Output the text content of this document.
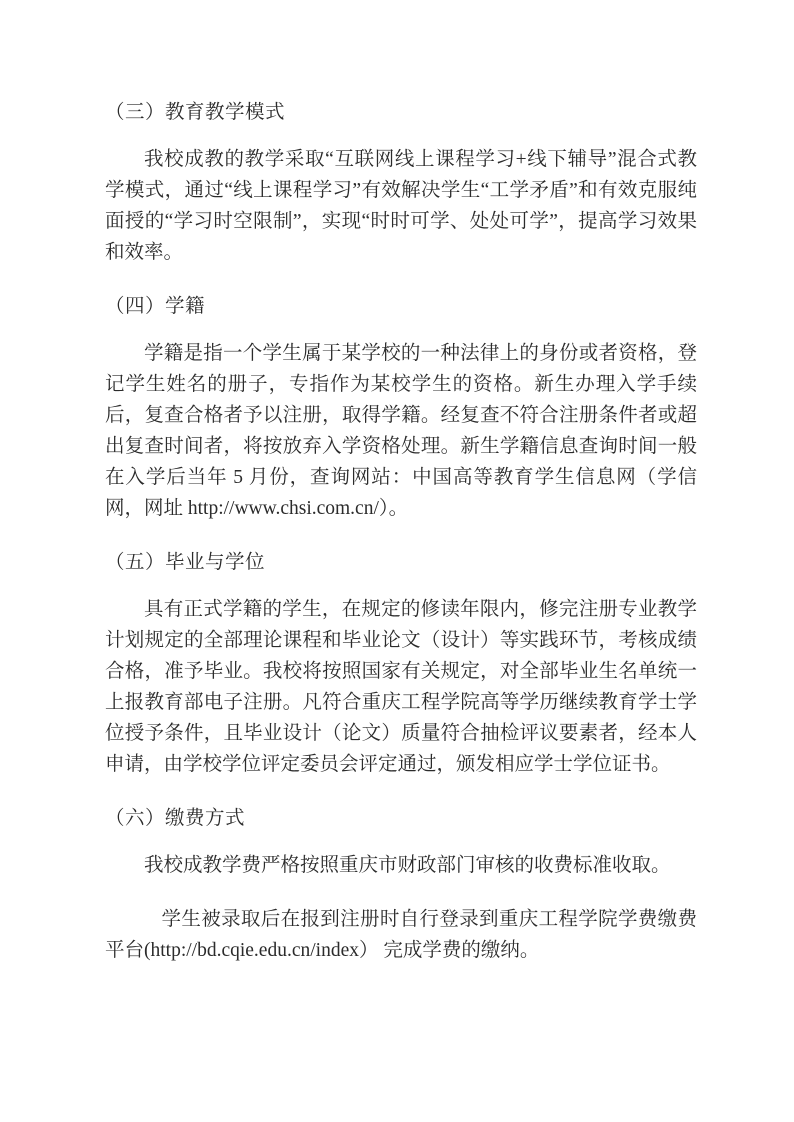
（三）教育教学模式

我校成教的教学采取“互联网线上课程学习+线下辅导”混合式教学模式，通过“线上课程学习”有效解决学生“工学矛盾”和有效克服纯面授的“学习时空限制”，实现“时时可学、处处可学”，提高学习效果和效率。

（四）学籍

学籍是指一个学生属于某学校的一种法律上的身份或者资格，登记学生姓名的册子，专指作为某校学生的资格。新生办理入学手续后，复查合格者予以注册，取得学籍。经复查不符合注册条件者或超出复查时间者，将按放弃入学资格处理。新生学籍信息查询时间一般在入学后当年 5 月份，查询网站：中国高等教育学生信息网（学信网，网址 http://www.chsi.com.cn/）。

（五）毕业与学位

具有正式学籍的学生，在规定的修读年限内，修完注册专业教学计划规定的全部理论课程和毕业论文（设计）等实践环节，考核成绩合格，准予毕业。我校将按照国家有关规定，对全部毕业生名单统一上报教育部电子注册。凡符合重庆工程学院高等学历继续教育学士学位授予条件，且毕业设计（论文）质量符合抽检评议要素者，经本人申请，由学校学位评定委员会评定通过，颁发相应学士学位证书。

（六）缴费方式

我校成教学费严格按照重庆市财政部门审核的收费标准收取。

学生被录取后在报到注册时自行登录到重庆工程学院学费缴费平台(http://bd.cqie.edu.cn/index） 完成学费的缴纳。
